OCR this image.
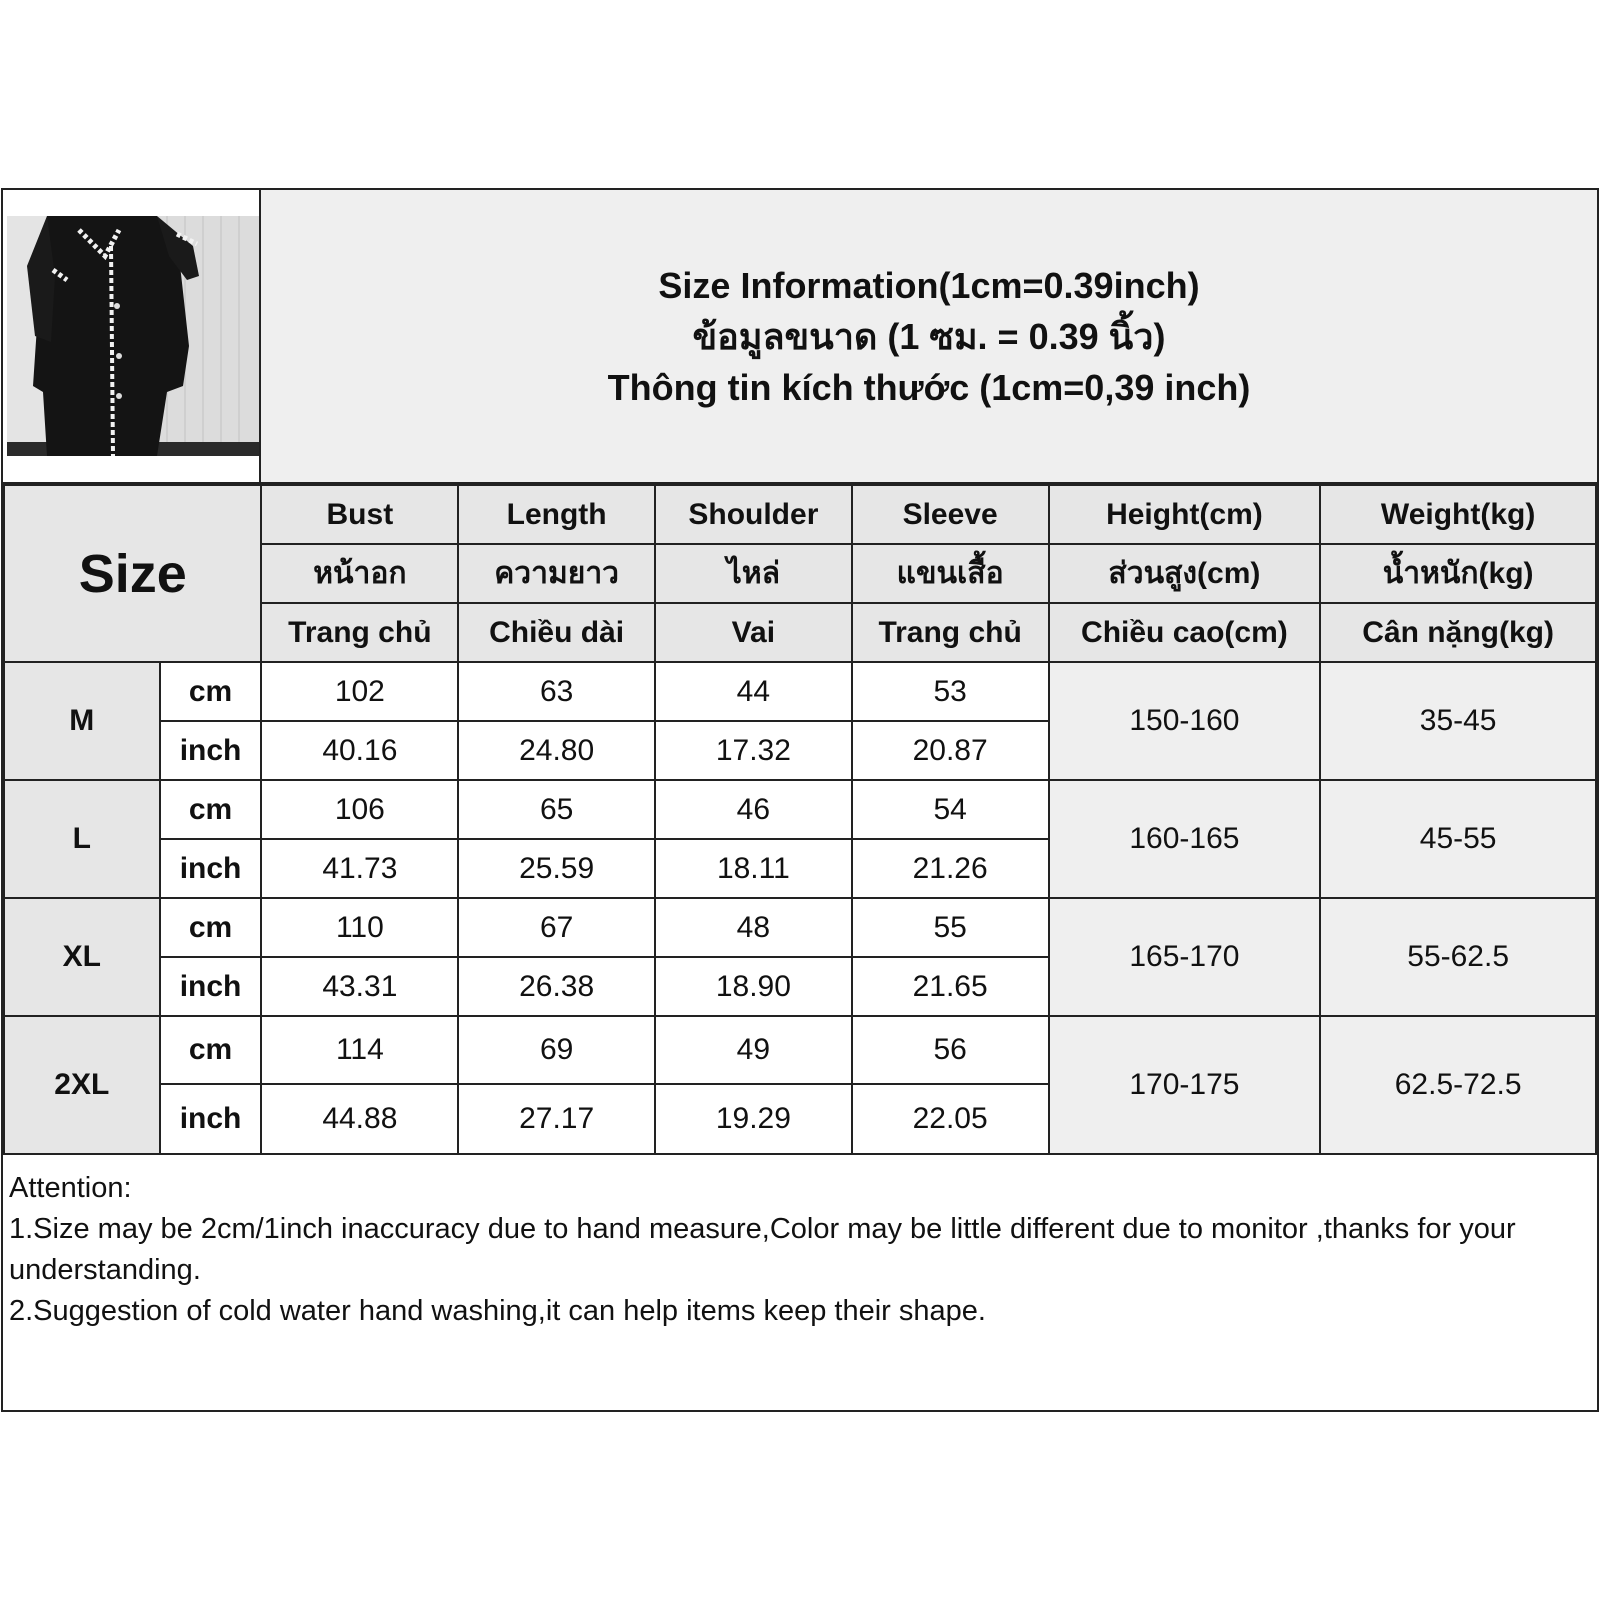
Size Information(1cm=0.39inch)
ข้อมูลขนาด (1 ซม. = 0.39 นิ้ว)
Thông tin kích thước (1cm=0,39 inch)
Size		Bust	Length	Shoulder	Sleeve	Height(cm)	Weight(kg)
		หน้าอก	ความยาว	ไหล่	แขนเสื้อ	ส่วนสูง(cm)	น้ำหนัก(kg)
		Trang chủ	Chiều dài	Vai	Trang chủ	Chiều cao(cm)	Cân nặng(kg)
M	cm	102	63	44	53	150-160	35-45
	inch	40.16	24.80	17.32	20.87		
L	cm	106	65	46	54	160-165	45-55
	inch	41.73	25.59	18.11	21.26		
XL	cm	110	67	48	55	165-170	55-62.5
	inch	43.31	26.38	18.90	21.65		
2XL	cm	114	69	49	56	170-175	62.5-72.5
	inch	44.88	27.17	19.29	22.05		

Attention:

1.Size may be 2cm/1inch inaccuracy due to hand measure,Color may be little different due to monitor ,thanks for your understanding.

2.Suggestion of cold water hand washing,it can help items keep their shape.
